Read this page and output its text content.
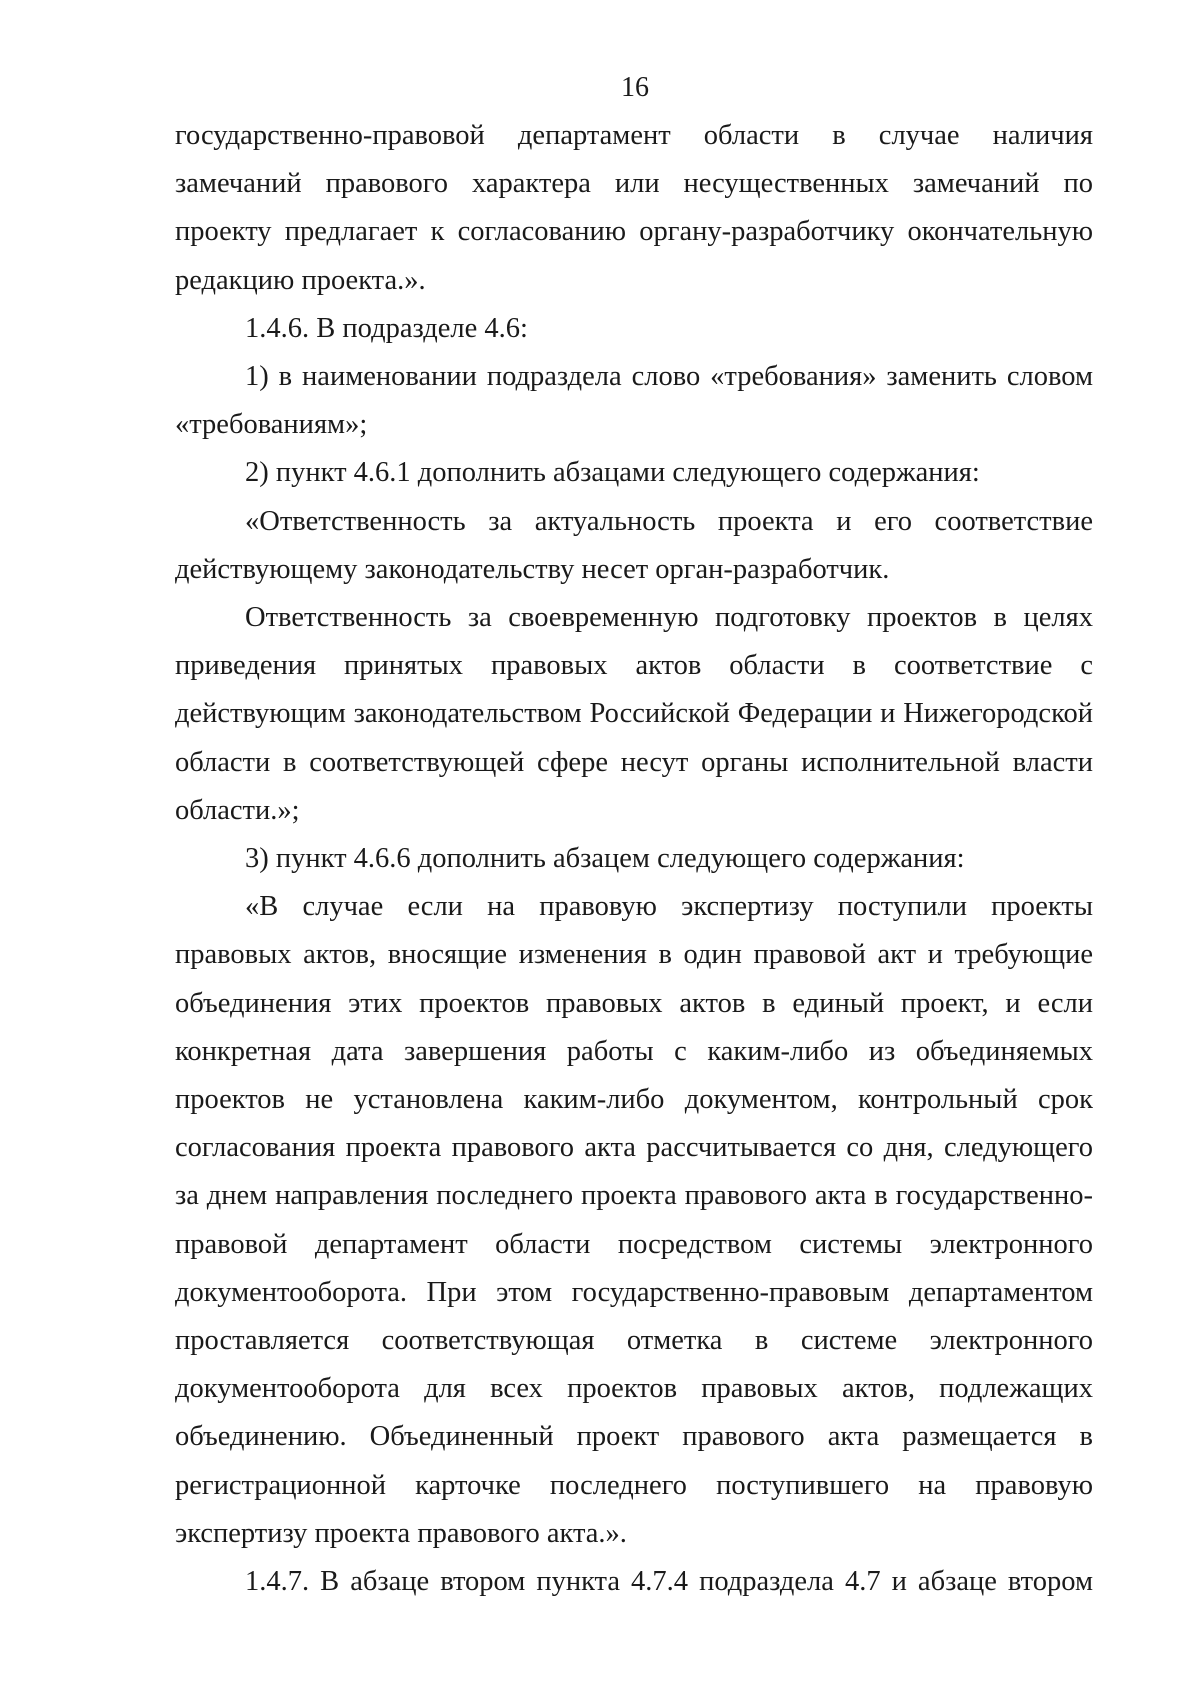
16

государственно-правовой департамент области в случае наличия замечаний правового характера или несущественных замечаний по проекту предлагает к согласованию органу-разработчику окончательную редакцию проекта.».

1.4.6. В подразделе 4.6:

1) в наименовании подраздела слово «требования» заменить словом «требованиям»;

2) пункт 4.6.1 дополнить абзацами следующего содержания:

«Ответственность за актуальность проекта и его соответствие действующему законодательству несет орган-разработчик.

Ответственность за своевременную подготовку проектов в целях приведения принятых правовых актов области в соответствие с действующим законодательством Российской Федерации и Нижегородской области в соответствующей сфере несут органы исполнительной власти области.»;

3) пункт 4.6.6 дополнить абзацем следующего содержания:

«В случае если на правовую экспертизу поступили проекты правовых актов, вносящие изменения в один правовой акт и требующие объединения этих проектов правовых актов в единый проект, и если конкретная дата завершения работы с каким-либо из объединяемых проектов не установлена каким-либо документом, контрольный срок согласования проекта правового акта рассчитывается со дня, следующего за днем направления последнего проекта правового акта в государственно-правовой департамент области посредством системы электронного документооборота. При этом государственно-правовым департаментом проставляется соответствующая отметка в системе электронного документооборота для всех проектов правовых актов, подлежащих объединению. Объединенный проект правового акта размещается в регистрационной карточке последнего поступившего на правовую экспертизу проекта правового акта.».

1.4.7. В абзаце втором пункта 4.7.4 подраздела 4.7 и абзаце втором
